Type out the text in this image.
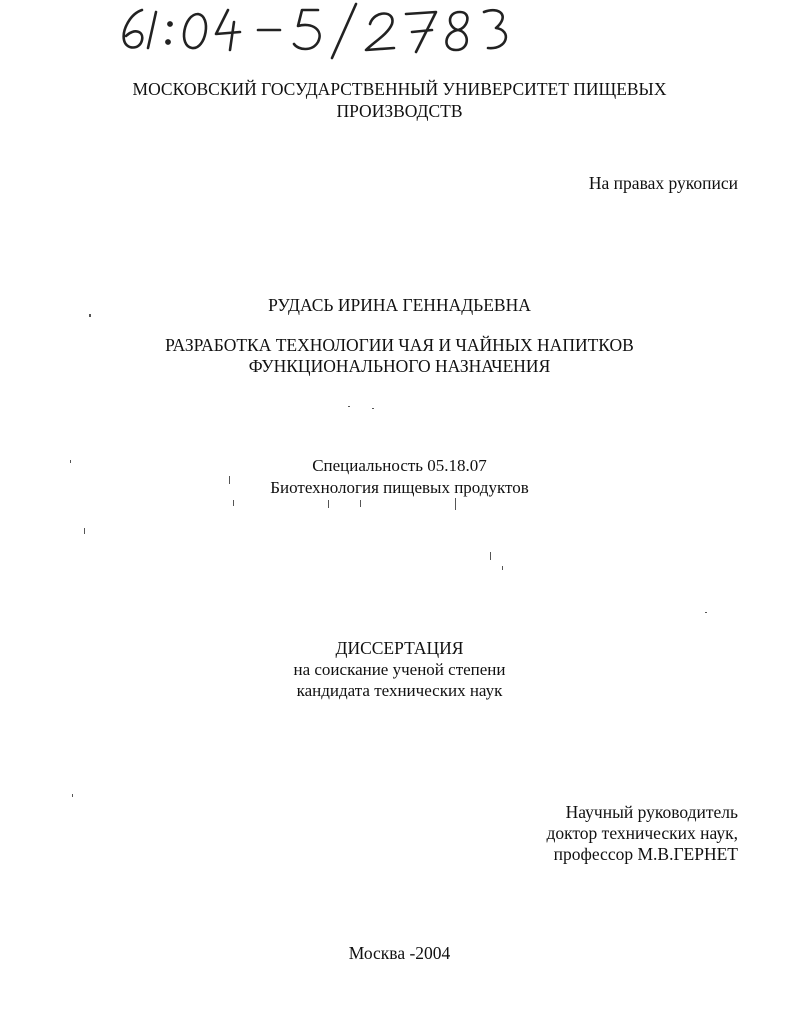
МОСКОВСКИЙ ГОСУДАРСТВЕННЫЙ УНИВЕРСИТЕТ ПИЩЕВЫХ
ПРОИЗВОДСТВ
На правах рукописи
РУДАСЬ ИРИНА ГЕННАДЬЕВНА
РАЗРАБОТКА ТЕХНОЛОГИИ ЧАЯ И ЧАЙНЫХ НАПИТКОВ
ФУНКЦИОНАЛЬНОГО НАЗНАЧЕНИЯ
Специальность 05.18.07
Биотехнология пищевых продуктов
ДИССЕРТАЦИЯ
на соискание ученой степени
кандидата технических наук
Научный руководитель
доктор технических наук,
профессор М.В.ГЕРНЕТ
Москва -2004
